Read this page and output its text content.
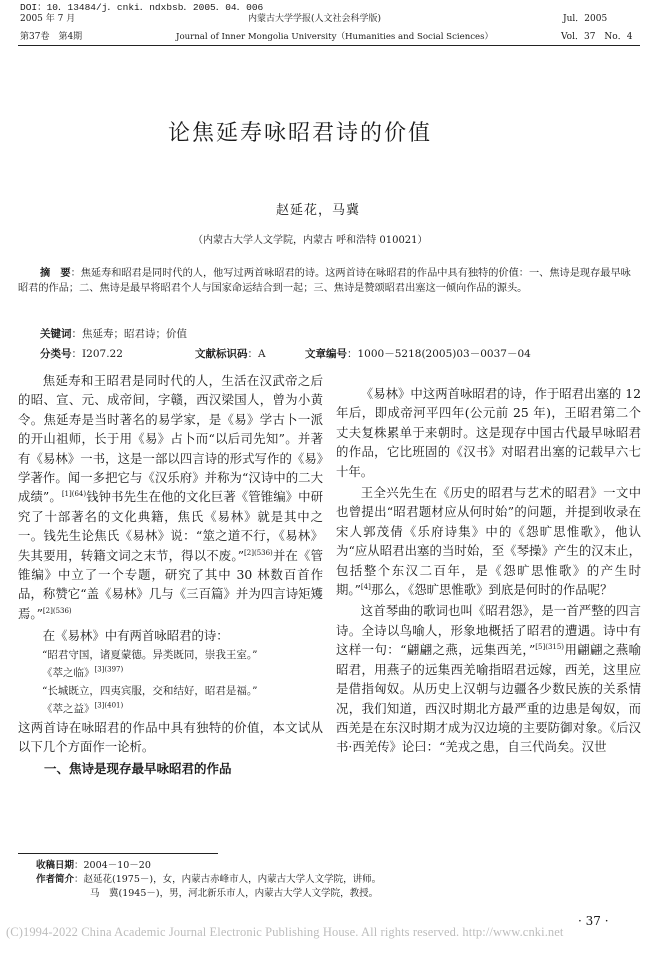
DOI：10．13484/j．cnki．ndxbsb．2005．04．006
2005 年 7 月	内蒙古大学学报(人文社会科学版)	Jul．2005
第37卷　第4期	Journal of Inner Mongolia University（Humanities and Social Sciences）	Vol．37　No．4
论焦延寿咏昭君诗的价值
赵延花，马冀
（内蒙古大学人文学院，内蒙古 呼和浩特 010021）
摘　要：焦延寿和昭君是同时代的人，他写过两首咏昭君的诗。这两首诗在咏昭君的作品中具有独特的价值：一、焦诗是现存最早咏昭君的作品；二、焦诗是最早将昭君个人与国家命运结合到一起；三、焦诗是赞颂昭君出塞这一倾向作品的源头。
关键词：焦延寿；昭君诗；价值
分类号：I207.22	文献标识码：A	文章编号：1000－5218(2005)03－0037－04

焦延寿和王昭君是同时代的人，生活在汉武帝之后的昭、宣、元、成帝间，字赣，西汉梁国人，曾为小黄令。焦延寿是当时著名的易学家，是《易》学古卜一派的开山祖师，长于用《易》占卜而“以后司先知”。并著有《易林》一书，这是一部以四言诗的形式写作的《易》学著作。闻一多把它与《汉乐府》并称为“汉诗中的二大成绩”。$^{[1](64)}$钱钟书先生在他的文化巨著《管锥编》中研究了十部著名的文化典籍，焦氏《易林》就是其中之一。钱先生论焦氏《易林》说：“筮之道不行，《易林》失其要用，转籍文词之末节，得以不废。”$^{[2](536)}$并在《管锥编》中立了一个专题，研究了其中 30 林数百首作品，称赞它“盖《易林》几与《三百篇》并为四言诗矩矱焉。”$^{[2](536)}$

在《易林》中有两首咏昭君的诗：

“昭君守国，诸夏蒙德。异类既同，崇我王室。”
《萃之临》$^{[3](397)}$
“长城既立，四夷宾服，交和结好，昭君是福。”
《萃之益》$^{[3](401)}$

这两首诗在咏昭君的作品中具有独特的价值，本文试从以下几个方面作一论析。

一、焦诗是现存最早咏昭君的作品

《易林》中这两首咏昭君的诗，作于昭君出塞的 12 年后，即成帝河平四年(公元前 25 年)，王昭君第二个丈夫复株累单于来朝时。这是现存中国古代最早咏昭君的作品，它比班固的《汉书》对昭君出塞的记载早六七十年。

王全兴先生在《历史的昭君与艺术的昭君》一文中也曾提出“昭君题材应从何时始”的问题，并提到收录在宋人郭茂倩《乐府诗集》中的《怨旷思惟歌》，他认为“应从昭君出塞的当时始，至《琴操》产生的汉末止，包括整个东汉二百年，是《怨旷思惟歌》的产生时期。”[4]那么，《怨旷思惟歌》到底是何时的作品呢？

这首琴曲的歌词也叫《昭君怨》，是一首严整的四言诗。全诗以鸟喻人，形象地概括了昭君的遭遇。诗中有这样一句：“翩翩之燕，远集西羌，”$^{[5](315)}$用翩翩之燕喻昭君，用燕子的远集西羌喻指昭君远嫁，西羌，这里应是借指匈奴。从历史上汉朝与边疆各少数民族的关系情况，我们知道，西汉时期北方最严重的边患是匈奴，而西羌是在东汉时期才成为汉边境的主要防御对象。《后汉书·西羌传》论曰：“羌戎之患，自三代尚矣。汉世

收稿日期：2004－10－20
作者简介：赵延花(1975－)，女，内蒙古赤峰市人，内蒙古大学人文学院，讲师。
马　冀(1945－)，男，河北新乐市人，内蒙古大学人文学院，教授。
· 37 ·
(C)1994-2022 China Academic Journal Electronic Publishing House. All rights reserved. http://www.cnki.net
